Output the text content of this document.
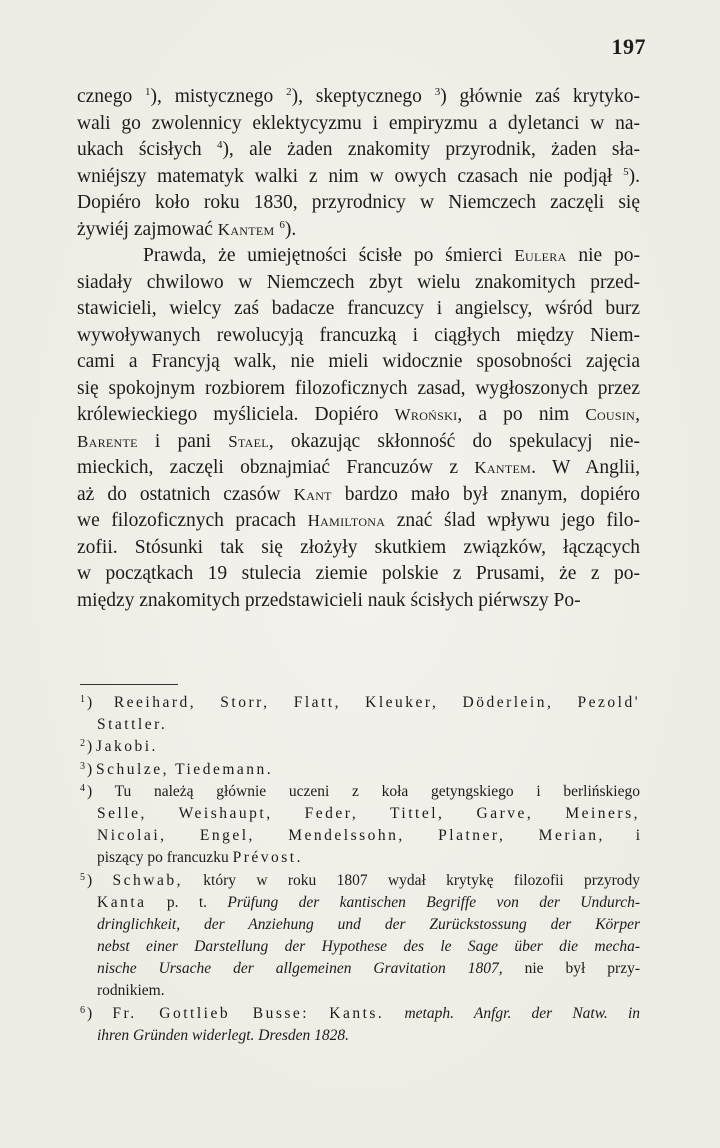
197
cznego $^1$), mistycznego $^2$), skeptycznego $^3$) głównie zaś krytyko-
wali go zwolennicy eklektycyzmu i empiryzmu a dyletanci w na-
ukach ścisłych $^4$), ale żaden znakomity przyrodnik, żaden sła-
wniéjszy matematyk walki z nim w owych czasach nie podjął $^5$).
Dopiéro koło roku 1830, przyrodnicy w Niemczech zaczęli się
żywiéj zajmować Kantem $^6$).
Prawda, że umiejętności ścisłe po śmierci Eulera nie po-
siadały chwilowo w Niemczech zbyt wielu znakomitych przed-
stawicieli, wielcy zaś badacze francuzcy i angielscy, wśród burz
wywoływanych rewolucyją francuzką i ciągłych między Niem-
cami a Francyją walk, nie mieli widocznie sposobności zajęcia
się spokojnym rozbiorem filozoficznych zasad, wygłoszonych przez
królewieckiego myśliciela. Dopiéro Wroński, a po nim Cousin,
Barente i pani Stael, okazując skłonność do spekulacyj nie-
mieckich, zaczęli obznajmiać Francuzów z Kantem. W Anglii,
aż do ostatnich czasów Kant bardzo mało był znanym, dopiéro
we filozoficznych pracach Hamiltona znać ślad wpływu jego filo-
zofii. Stósunki tak się złożyły skutkiem związków, łączących
w początkach 19 stulecia ziemie polskie z Prusami, że z po-
między znakomitych przedstawicieli nauk ścisłych piérwszy Po-
$^1$ ) Reeihard, Storr, Flatt, Kleuker, Döderlein, Pezold'
Stattler.
$^2$ ) Jakobi.
$^3$ ) Schulze, Tiedemann.
$^4$ ) Tu należą głównie uczeni z koła getyngskiego i berlińskiego
Selle, Weishaupt, Feder, Tittel, Garve, Meiners,
Nicolai, Engel, Mendelssohn, Platner, Merian, i
piszący po francuzku Prévost.
$^5$ ) Schwab, który w roku 1807 wydał krytykę filozofii przyrody
Kanta p. t. Prüfung der kantischen Begriffe von der Undurch-
dringlichkeit, der Anziehung und der Zurückstossung der Körper
nebst einer Darstellung der Hypothese des le Sage über die mecha-
nische Ursache der allgemeinen Gravitation 1807, nie był przy-
rodnikiem.
$^6$ ) Fr. Gottlieb Busse: Kants. metaph. Anfgr. der Natw. in
ihren Gründen widerlegt. Dresden 1828.
